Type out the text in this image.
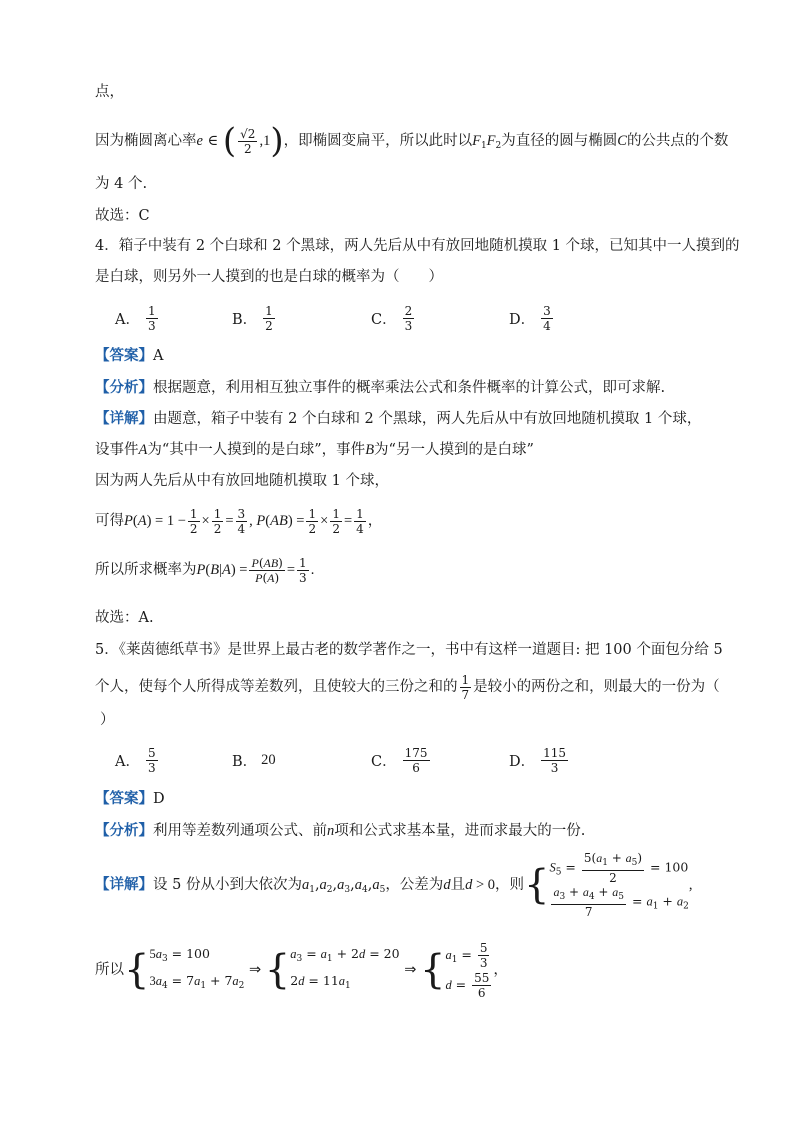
点，
因为椭圆离心率e ∈ ( $\frac{√2}{2} ,1$)，即椭圆变扁平，所以此时以$F_1F_2$为直径的圆与椭圆C的公共点的个数
为 4 个.
故选：C
4．箱子中装有 2 个白球和 2 个黑球，两人先后从中有放回地随机摸取 1 个球，已知其中一人摸到的
是白球，则另外一人摸到的也是白球的概率为（　　）
A． $\frac{1}{3}$	B． $\frac{1}{2}$	C． $\frac{2}{3}$	D． $\frac{3}{4}$
【答案】A
【分析】根据题意，利用相互独立事件的概率乘法公式和条件概率的计算公式，即可求解.
【详解】由题意，箱子中装有 2 个白球和 2 个黑球，两人先后从中有放回地随机摸取 1 个球，
设事件A为“其中一人摸到的是白球”，事件B为“另一人摸到的是白球”
因为两人先后从中有放回地随机摸取 1 个球，
可得$P(A) = 1 - \frac{1}{2} \times \frac{1}{2} = \frac{3}{4}$ , $P(AB) = \frac{1}{2} \times \frac{1}{2} = \frac{1}{4}$ ，
所以所求概率为$P(B|A) = \frac{P(AB)}{P(A)} = \frac{1}{3}$ .
故选：A.
5．《莱茵德纸草书》是世界上最古老的数学著作之一，书中有这样一道题目: 把 100 个面包分给 5
个人，使每个人所得成等差数列，且使较大的三份之和的 $\frac{1}{7}$ 是较小的两份之和，则最大的一份为（
）
A． $\frac{5}{3}$	B． 20	C． $\frac{175}{6}$	D． $\frac{115}{3}$
【答案】D
【分析】利用等差数列通项公式、前n项和公式求基本量，进而求最大的一份.
【详解】设 5 份从小到大依次为$a_1,a_2,a_3,a_4,a_5$，公差为d且d > 0，则{ $S_5 = \frac{5(a_1 + a_5)}{2} = 100$
$\frac{a_3 + a_4 + a_5}{7} = a_1 + a_2$
,
所以{ $5a_3 = 100$
$3a_4 = 7a_1 + 7a_2$
⇒ { $a_3 = a_1 + 2d = 20$
$2d = 11a_1$
⇒ { $a_1 = \frac{5}{3}$
$d = \frac{55}{6}$
，
